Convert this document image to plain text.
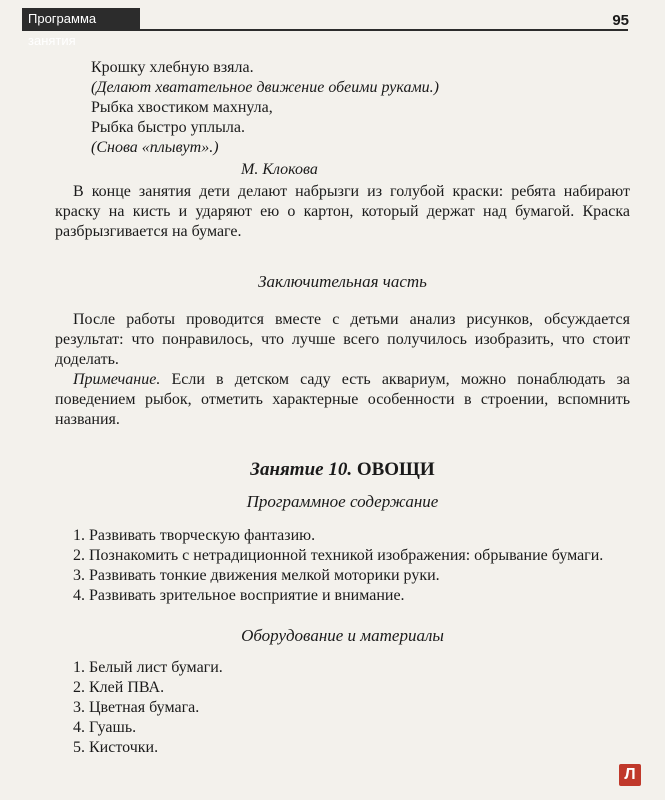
Программа занятия
95
Крошку хлебную взяла.
(Делают хватательное движение обеими руками.)
Рыбка хвостиком махнула,
Рыбка быстро уплыла.
(Снова «плывут».)
М. Клокова

В конце занятия дети делают набрызги из голубой краски: ребята набирают краску на кисть и ударяют ею о картон, который держат над бумагой. Краска разбрызгивается на бумаге.

Заключительная часть

После работы проводится вместе с детьми анализ рисунков, обсуждается результат: что понравилось, что лучше всего получилось изобразить, что стоит доделать.

Примечание. Если в детском саду есть аквариум, можно понаблюдать за поведением рыбок, отметить характерные особенности в строении, вспомнить названия.

Занятие 10. ОВОЩИ
Программное содержание

1. Развивать творческую фантазию.

2. Познакомить с нетрадиционной техникой изображения: обрывание бумаги.

3. Развивать тонкие движения мелкой моторики руки.

4. Развивать зрительное восприятие и внимание.

Оборудование и материалы
1. Белый лист бумаги.
2. Клей ПВА.
3. Цветная бумага.
4. Гуашь.
5. Кисточки.
Л
